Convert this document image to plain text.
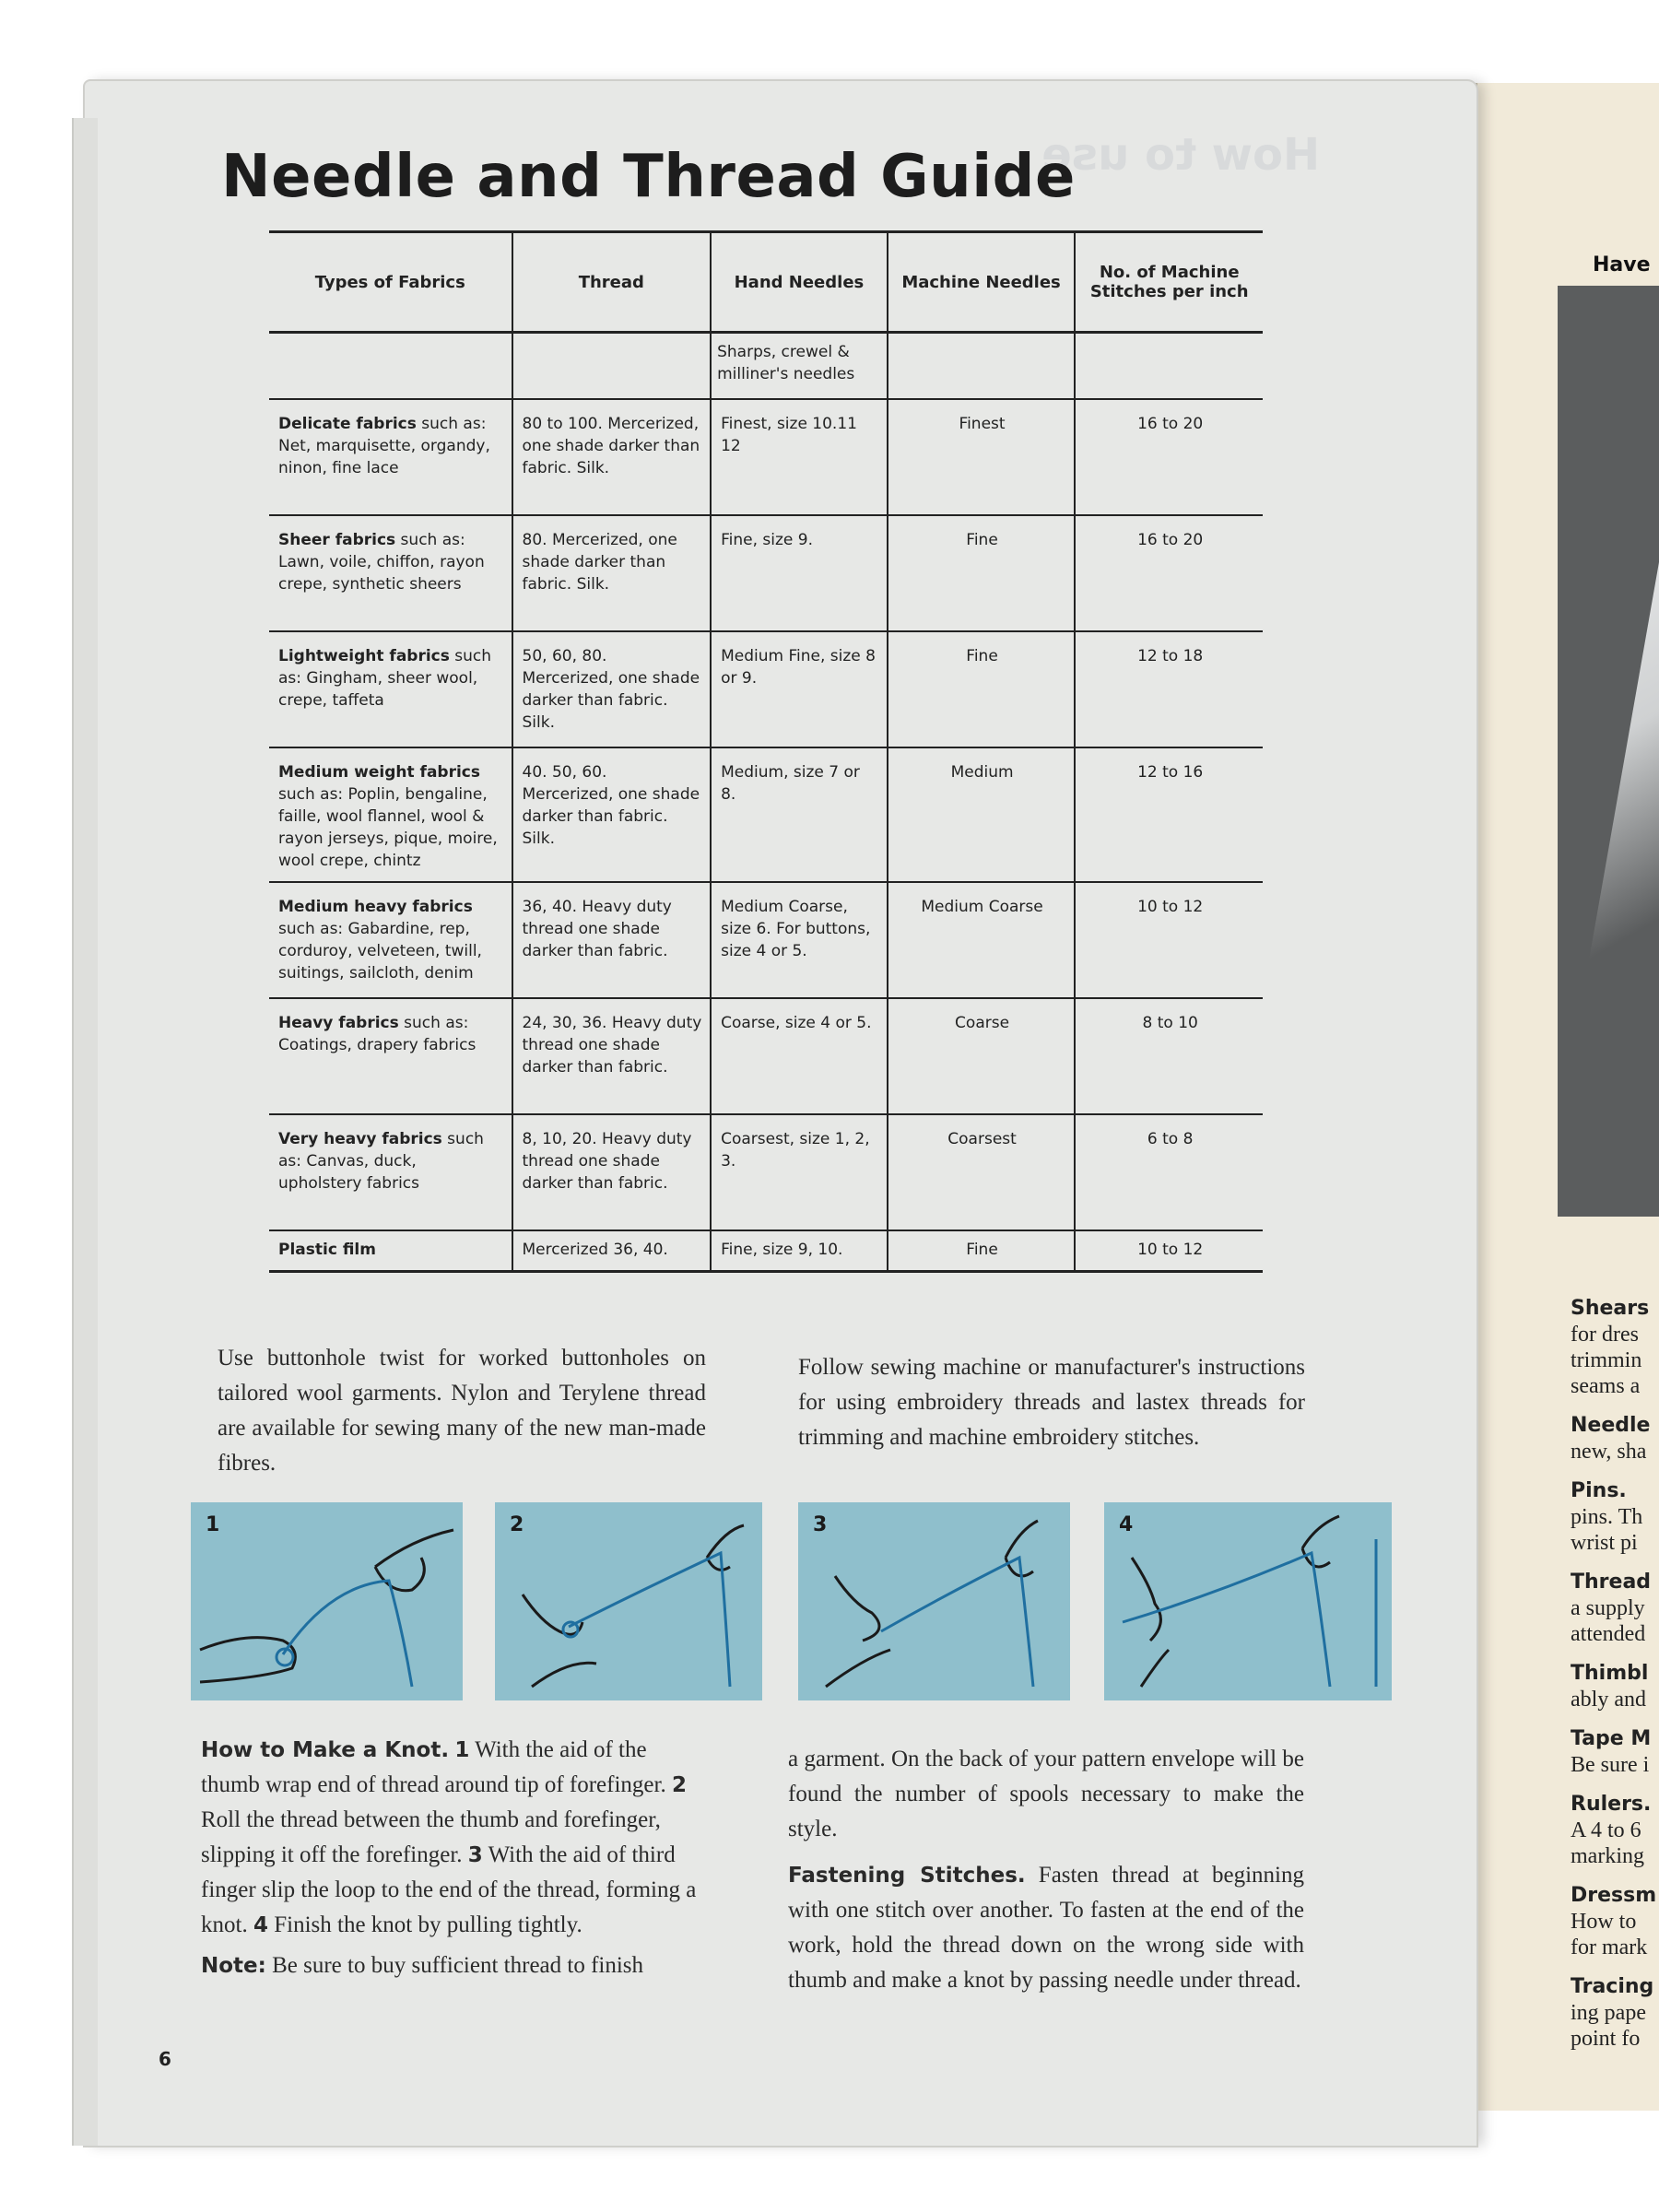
Have
Shears
for dres
trimmin
seams a
Needle
new, sha
Pins.
pins. Th
wrist pi
Thread
a supply
attended
Thimbl
ably and
Tape M
Be sure i
Rulers.
A 4 to 6
marking
Dressm
How to
for mark
Tracing
ing pape
point fo
How to use
Needle and Thread Guide
Types of Fabrics	Thread	Hand Needles	Machine Needles	No. of Machine Stitches per inch
		Sharps, crewel & milliner's needles		
Delicate fabrics such as: Net, marquisette, organdy, ninon, fine lace	80 to 100. Mercerized, one shade darker than fabric. Silk.	Finest, size 10.11 12	Finest	16 to 20
Sheer fabrics such as: Lawn, voile, chiffon, rayon crepe, synthetic sheers	80. Mercerized, one shade darker than fabric. Silk.	Fine, size 9.	Fine	16 to 20
Lightweight fabrics such as: Gingham, sheer wool, crepe, taffeta	50, 60, 80. Mercerized, one shade darker than fabric. Silk.	Medium Fine, size 8 or 9.	Fine	12 to 18
Medium weight fabrics such as: Poplin, bengaline, faille, wool flannel, wool & rayon jerseys, pique, moire, wool crepe, chintz	40. 50, 60. Mercerized, one shade darker than fabric. Silk.	Medium, size 7 or 8.	Medium	12 to 16
Medium heavy fabrics such as: Gabardine, rep, corduroy, velveteen, twill, suitings, sailcloth, denim	36, 40. Heavy duty thread one shade darker than fabric.	Medium Coarse, size 6. For buttons, size 4 or 5.	Medium Coarse	10 to 12
Heavy fabrics such as: Coatings, drapery fabrics	24, 30, 36. Heavy duty thread one shade darker than fabric.	Coarse, size 4 or 5.	Coarse	8 to 10
Very heavy fabrics such as: Canvas, duck, upholstery fabrics	8, 10, 20. Heavy duty thread one shade darker than fabric.	Coarsest, size 1, 2, 3.	Coarsest	6 to 8
Plastic film	Mercerized 36, 40.	Fine, size 9, 10.	Fine	10 to 12
Use buttonhole twist for worked buttonholes on tailored wool garments. Nylon and Terylene thread are available for sewing many of the new man-made fibres.
Follow sewing machine or manufacturer's instructions for using embroidery threads and lastex threads for trimming and machine embroidery stitches.
1	2	3	4
How to Make a Knot. 1 With the aid of the thumb wrap end of thread around tip of forefinger. 2 Roll the thread between the thumb and forefinger, slipping it off the forefinger. 3 With the aid of third finger slip the loop to the end of the thread, forming a knot. 4 Finish the knot by pulling tightly.
Note: Be sure to buy sufficient thread to finish
a garment. On the back of your pattern envelope will be found the number of spools necessary to make the style.
Fastening Stitches. Fasten thread at beginning with one stitch over another. To fasten at the end of the work, hold the thread down on the wrong side with thumb and make a knot by passing needle under thread.
6
